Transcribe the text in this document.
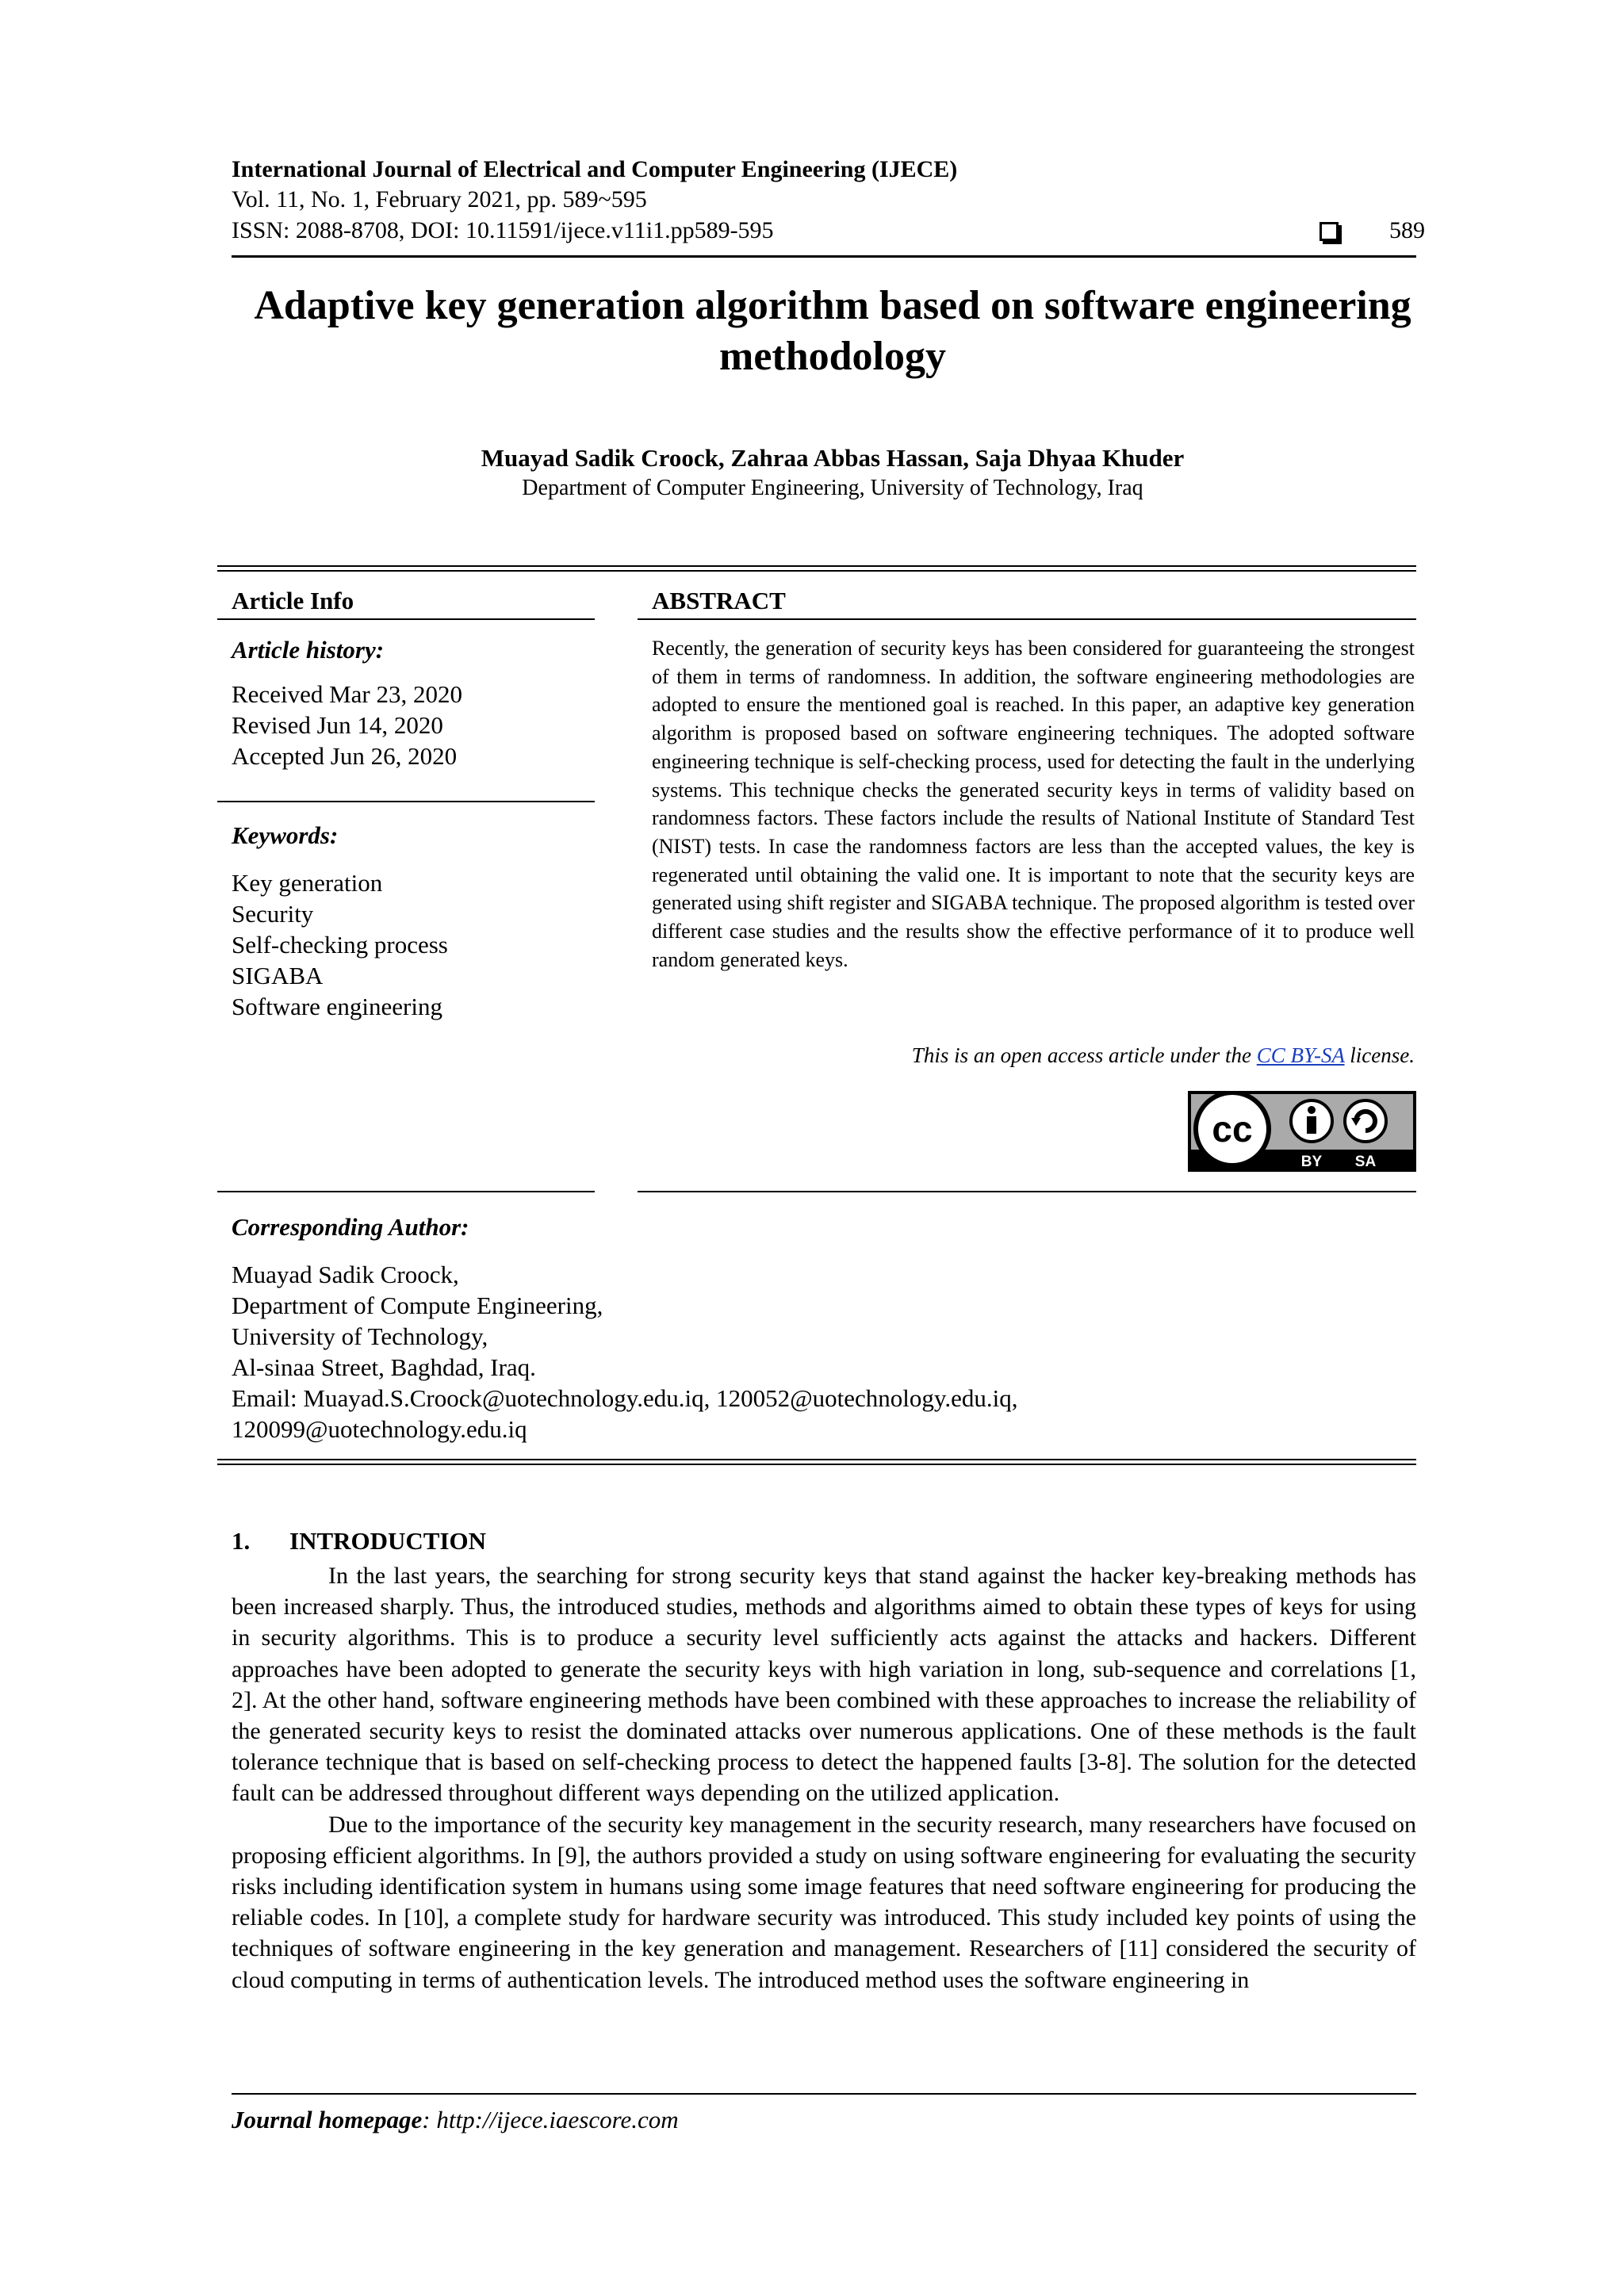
International Journal of Electrical and Computer Engineering (IJECE)
Vol. 11, No. 1, February 2021, pp. 589~595
ISSN: 2088-8708, DOI: 10.11591/ijece.v11i1.pp589-595	589
Adaptive key generation algorithm based on software engineering methodology
Muayad Sadik Croock, Zahraa Abbas Hassan, Saja Dhyaa Khuder
Department of Computer Engineering, University of Technology, Iraq
Article Info
Article history:
Received Mar 23, 2020
Revised Jun 14, 2020
Accepted Jun 26, 2020
Keywords:
Key generation
Security
Self-checking process
SIGABA
Software engineering
ABSTRACT

Recently, the generation of security keys has been considered for guaranteeing the strongest of them in terms of randomness. In addition, the software engineering methodologies are adopted to ensure the mentioned goal is reached. In this paper, an adaptive key generation algorithm is proposed based on software engineering techniques. The adopted software engineering technique is self-checking process, used for detecting the fault in the underlying systems. This technique checks the generated security keys in terms of validity based on randomness factors. These factors include the results of National Institute of Standard Test (NIST) tests. In case the randomness factors are less than the accepted values, the key is regenerated until obtaining the valid one. It is important to note that the security keys are generated using shift register and SIGABA technique. The proposed algorithm is tested over different case studies and the results show the effective performance of it to produce well random generated keys.

This is an open access article under the CC BY-SA license.
cc
BY SA
Corresponding Author:
Muayad Sadik Croock,
Department of Compute Engineering,
University of Technology,
Al-sinaa Street, Baghdad, Iraq.
Email: Muayad.S.Croock@uotechnology.edu.iq, 120052@uotechnology.edu.iq,
120099@uotechnology.edu.iq
1. INTRODUCTION

In the last years, the searching for strong security keys that stand against the hacker key-breaking methods has been increased sharply. Thus, the introduced studies, methods and algorithms aimed to obtain these types of keys for using in security algorithms. This is to produce a security level sufficiently acts against the attacks and hackers. Different approaches have been adopted to generate the security keys with high variation in long, sub-sequence and correlations [1, 2]. At the other hand, software engineering methods have been combined with these approaches to increase the reliability of the generated security keys to resist the dominated attacks over numerous applications. One of these methods is the fault tolerance technique that is based on self-checking process to detect the happened faults [3-8]. The solution for the detected fault can be addressed throughout different ways depending on the utilized application.

Due to the importance of the security key management in the security research, many researchers have focused on proposing efficient algorithms. In [9], the authors provided a study on using software engineering for evaluating the security risks including identification system in humans using some image features that need software engineering for producing the reliable codes. In [10], a complete study for hardware security was introduced. This study included key points of using the techniques of software engineering in the key generation and management. Researchers of [11] considered the security of cloud computing in terms of authentication levels. The introduced method uses the software engineering in

Journal homepage: http://ijece.iaescore.com
